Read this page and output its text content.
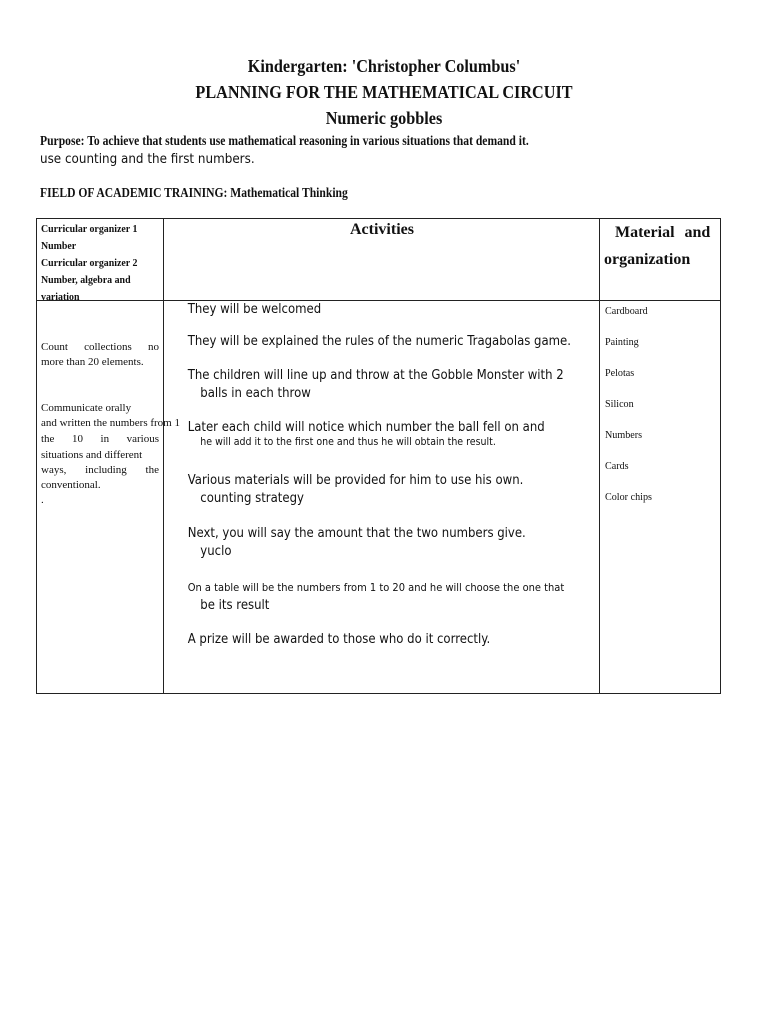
Kindergarten: 'Christopher Columbus'
PLANNING FOR THE MATHEMATICAL CIRCUIT
Numeric gobbles
Purpose: To achieve that students use mathematical reasoning in various situations that demand it.
use counting and the first numbers.
FIELD OF ACADEMIC TRAINING: Mathematical Thinking
Curricular organizer 1
Number
Curricular organizer 2
Number, algebra and
variation
Activities	Material and
organization
Count collections no
more than 20 elements.
Communicate orally
and written the numbers from 1
the 10 in various
situations and different
ways, including the
conventional.
.
They will be welcomed
They will be explained the rules of the numeric Tragabolas game.
The children will line up and throw at the Gobble Monster with 2
balls in each throw
Later each child will notice which number the ball fell on and
he will add it to the first one and thus he will obtain the result.
Various materials will be provided for him to use his own.
counting strategy
Next, you will say the amount that the two numbers give.
yuclo
On a table will be the numbers from 1 to 20 and he will choose the one that
be its result
A prize will be awarded to those who do it correctly.
Cardboard
Painting
Pelotas
Silicon
Numbers
Cards
Color chips
